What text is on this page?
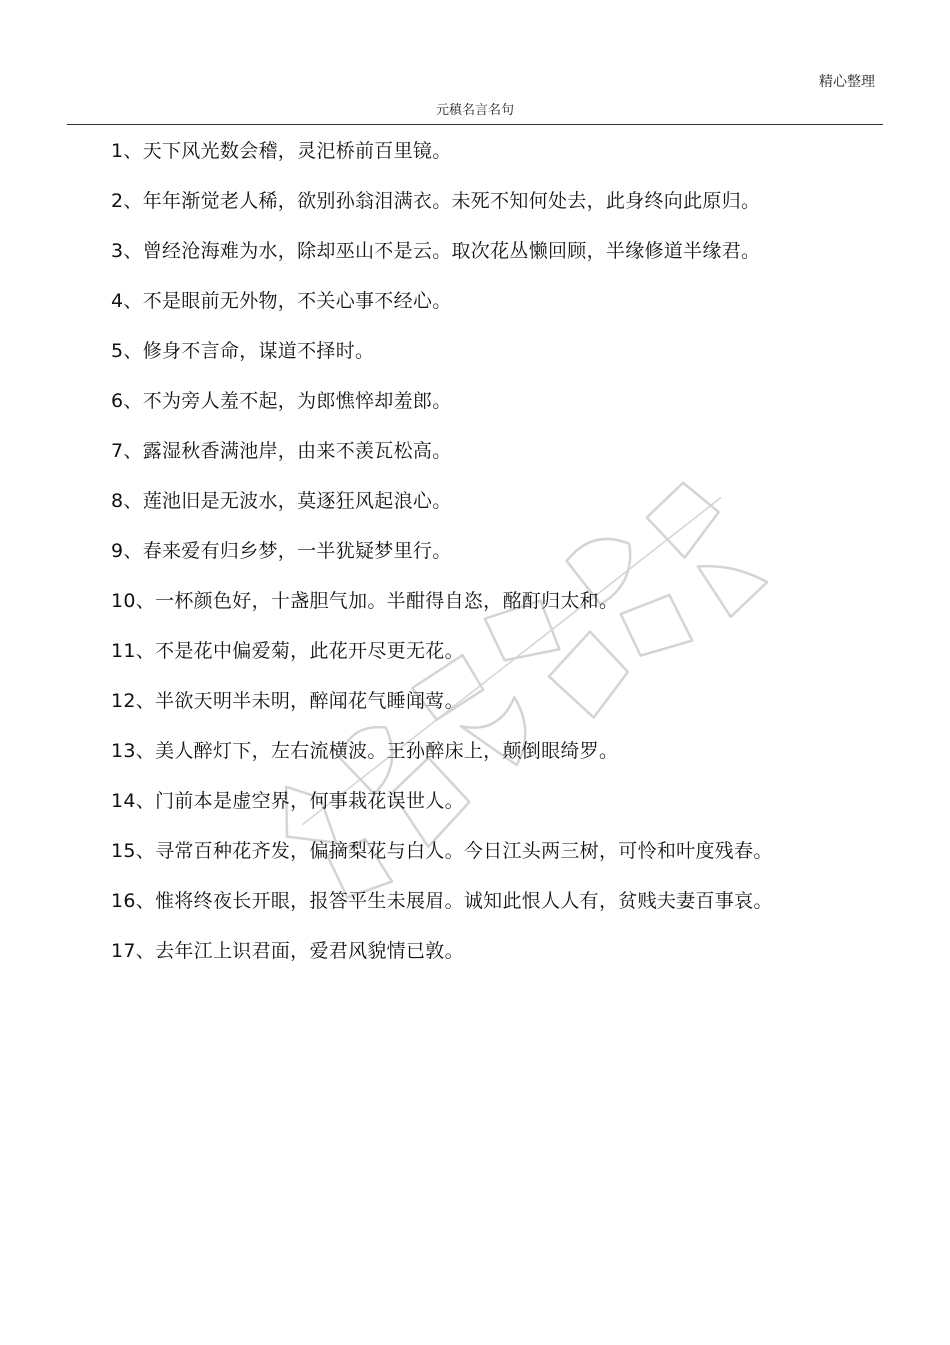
精心整理
元稹名言名句
1、天下风光数会稽，灵汜桥前百里镜。
2、年年渐觉老人稀，欲别孙翁泪满衣。未死不知何处去，此身终向此原归。
3、曾经沧海难为水，除却巫山不是云。取次花丛懒回顾，半缘修道半缘君。
4、不是眼前无外物，不关心事不经心。
5、修身不言命，谋道不择时。
6、不为旁人羞不起，为郎憔悴却羞郎。
7、露湿秋香满池岸，由来不羡瓦松高。
8、莲池旧是无波水，莫逐狂风起浪心。
9、春来爱有归乡梦，一半犹疑梦里行。
10、一杯颜色好，十盏胆气加。半酣得自恣，酩酊归太和。
11、不是花中偏爱菊，此花开尽更无花。
12、半欲天明半未明，醉闻花气睡闻莺。
13、美人醉灯下，左右流横波。王孙醉床上，颠倒眼绮罗。
14、门前本是虚空界，何事栽花误世人。
15、寻常百种花齐发，偏摘梨花与白人。今日江头两三树，可怜和叶度残春。
16、惟将终夜长开眼，报答平生未展眉。诚知此恨人人有，贫贱夫妻百事哀。
17、去年江上识君面，爱君风貌情已敦。
